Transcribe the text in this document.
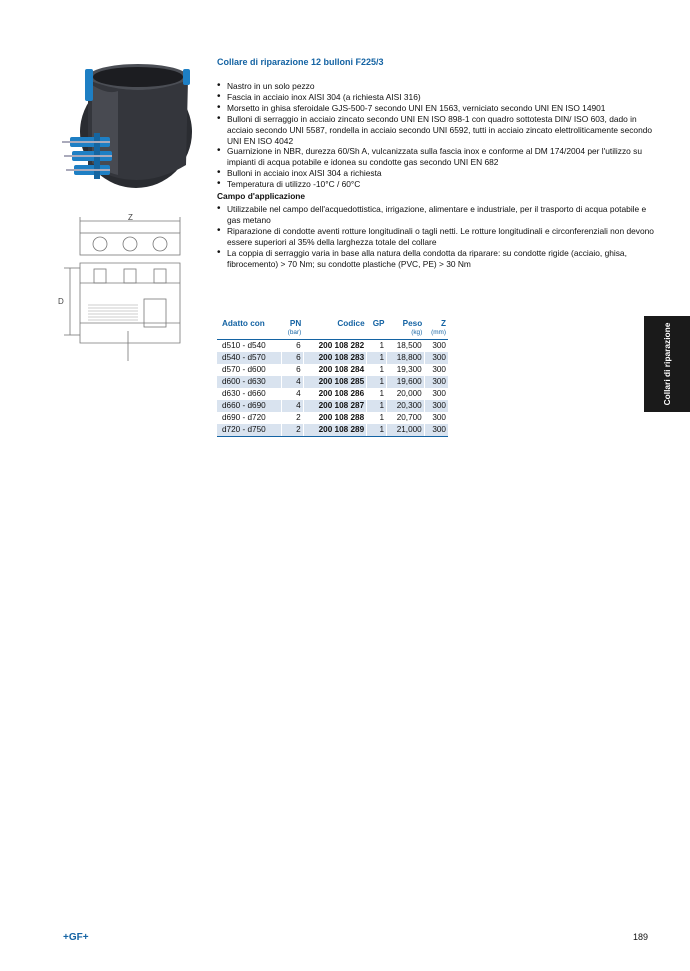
Z
D
Collare di riparazione 12 bulloni F225/3
• Nastro in un solo pezzo
• Fascia in acciaio inox AISI 304 (a richiesta AISI 316)
• Morsetto in ghisa sferoidale GJS-500-7 secondo UNI EN 1563, verniciato secondo UNI EN ISO 14901
• Bulloni di serraggio in acciaio zincato secondo UNI EN ISO 898-1 con quadro sottotesta DIN/ ISO 603, dado in acciaio secondo UNI 5587, rondella in acciaio secondo UNI 6592, tutti in acciaio zincato elettroliticamente secondo UNI EN ISO 4042
• Guarnizione in NBR, durezza 60/Sh A, vulcanizzata sulla fascia inox e conforme al DM 174/2004 per l'utilizzo su impianti di acqua potabile e idonea su condotte gas secondo UNI EN 682
• Bulloni in acciaio inox AISI 304 a richiesta
• Temperatura di utilizzo -10°C / 60°C
Campo d'applicazione
• Utilizzabile nel campo dell'acquedottistica, irrigazione, alimentare e industriale, per il trasporto di acqua potabile e gas metano
• Riparazione di condotte aventi rotture longitudinali o tagli netti. Le rotture longitudinali e circonferenziali non devono essere superiori al 35% della larghezza totale del collare
• La coppia di serraggio varia in base alla natura della condotta da riparare: su condotte rigide (acciaio, ghisa, fibrocemento) > 70 Nm; su condotte plastiche (PVC, PE) > 30 Nm
Adatto con	PN	Codice	GP	Peso	Z
	(bar)			(kg)	(mm)
d510 - d540	6	200 108 282	1	18,500	300
d540 - d570	6	200 108 283	1	18,800	300
d570 - d600	6	200 108 284	1	19,300	300
d600 - d630	4	200 108 285	1	19,600	300
d630 - d660	4	200 108 286	1	20,000	300
d660 - d690	4	200 108 287	1	20,300	300
d690 - d720	2	200 108 288	1	20,700	300
d720 - d750	2	200 108 289	1	21,000	300
Collari di riparazione
+GF+	189
